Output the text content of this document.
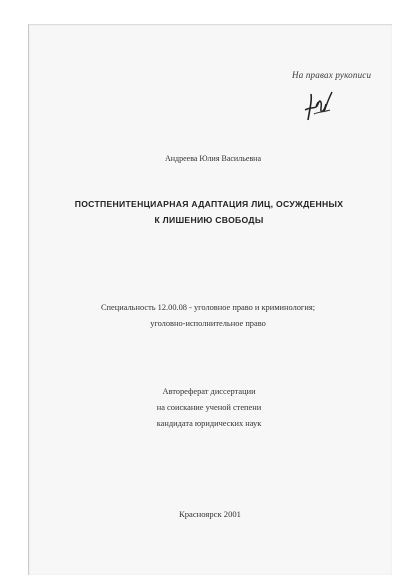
На правах рукописи
Андреева Юлия Васильевна
ПОСТПЕНИТЕНЦИАРНАЯ АДАПТАЦИЯ ЛИЦ, ОСУЖДЕННЫХ
К ЛИШЕНИЮ СВОБОДЫ
Специальность 12.00.08 - уголовное право и криминология;
уголовно-исполнительное право
Автореферат диссертации
на соискание ученой степени
кандидата юридических наук
Красноярск 2001
